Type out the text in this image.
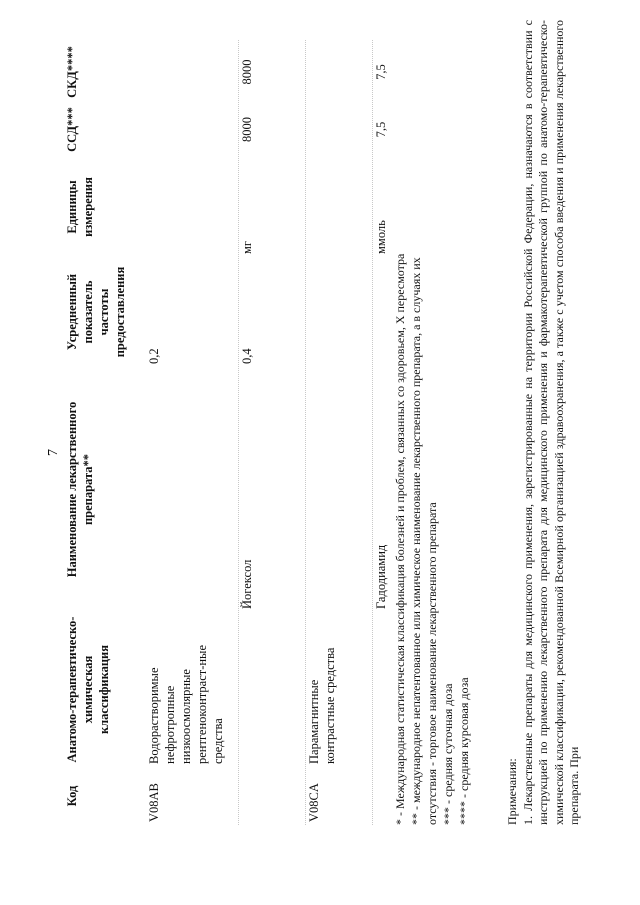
7
Код
Анатомо-терапевтическо-химическая классификация
Наименование лекарственного препарата**
Усредненный показатель частоты предоставления
Единицы измерения
ССД***
СКД****
V08AB
Водорастворимые нефротропные низкоосмолярные рентгеноконтраст-ные средства
0,2
Йогексол
0,4
мг
8000
8000
V08CA
Парамагнитные контрастные средства
Гадодиамид
ммоль
7,5
7,5
* - Международная статистическая классификация болезней и проблем, связанных со здоровьем, X пересмотра ** - международное непатентованное или химическое наименование лекарственного препарата, а в случаях их отсутствия - торговое наименование лекарственного препарата *** - средняя суточная доза **** - средняя курсовая доза	Примечания: 1. Лекарственные препараты для медицинского применения, зарегистрированные на территории Российской Федерации, назначаются в соответствии с инструкцией по применению лекарственного препарата для медицинского применения и фармакотерапевтической группой по анатомо-терапевтическо-химической классификации, рекомендованной Всемирной организацией здравоохранения, а также с учетом способа введения и применения лекарственного препарата. При
